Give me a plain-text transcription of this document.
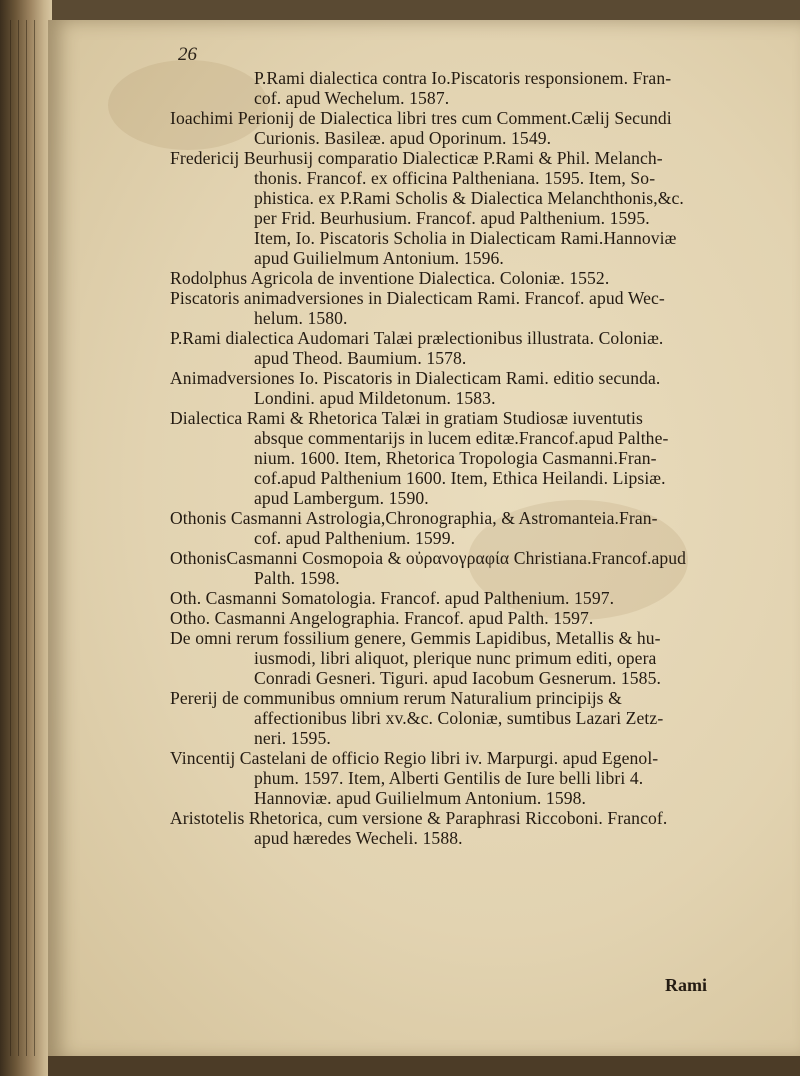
26
P.Rami dialectica contra Io.Piscatoris responsionem. Fran-
cof. apud Wechelum. 1587.
Ioachimi Perionij de Dialectica libri tres cum Comment.Cælij Secundi
Curionis. Basileæ. apud Oporinum. 1549.
Fredericij Beurhusij comparatio Dialecticæ P.Rami & Phil. Melanch-
thonis. Francof. ex officina Paltheniana. 1595. Item, So-
phistica. ex P.Rami Scholis & Dialectica Melanchthonis,&c.
per Frid. Beurhusium. Francof. apud Palthenium. 1595.
Item, Io. Piscatoris Scholia in Dialecticam Rami.Hannoviæ
apud Guilielmum Antonium. 1596.
Rodolphus Agricola de inventione Dialectica. Coloniæ. 1552.
Piscatoris animadversiones in Dialecticam Rami. Francof. apud Wec-
helum. 1580.
P.Rami dialectica Audomari Talæi prælectionibus illustrata. Coloniæ.
apud Theod. Baumium. 1578.
Animadversiones Io. Piscatoris in Dialecticam Rami. editio secunda.
Londini. apud Mildetonum. 1583.
Dialectica Rami & Rhetorica Talæi in gratiam Studiosæ iuventutis
absque commentarijs in lucem editæ.Francof.apud Palthe-
nium. 1600. Item, Rhetorica Tropologia Casmanni.Fran-
cof.apud Palthenium 1600. Item, Ethica Heilandi. Lipsiæ.
apud Lambergum. 1590.
Othonis Casmanni Astrologia,Chronographia, & Astromanteia.Fran-
cof. apud Palthenium. 1599.
OthonisCasmanni Cosmopoia & οὐρανογραφία Christiana.Francof.apud
Palth. 1598.
Oth. Casmanni Somatologia. Francof. apud Palthenium. 1597.
Otho. Casmanni Angelographia. Francof. apud Palth. 1597.
De omni rerum fossilium genere, Gemmis Lapidibus, Metallis & hu-
iusmodi, libri aliquot, plerique nunc primum editi, opera
Conradi Gesneri. Tiguri. apud Iacobum Gesnerum. 1585.
Pererij de communibus omnium rerum Naturalium principijs &
affectionibus libri xv.&c. Coloniæ, sumtibus Lazari Zetz-
neri. 1595.
Vincentij Castelani de officio Regio libri iv. Marpurgi. apud Egenol-
phum. 1597. Item, Alberti Gentilis de Iure belli libri 4.
Hannoviæ. apud Guilielmum Antonium. 1598.
Aristotelis Rhetorica, cum versione & Paraphrasi Riccoboni. Francof.
apud hæredes Wecheli. 1588.
Rami
